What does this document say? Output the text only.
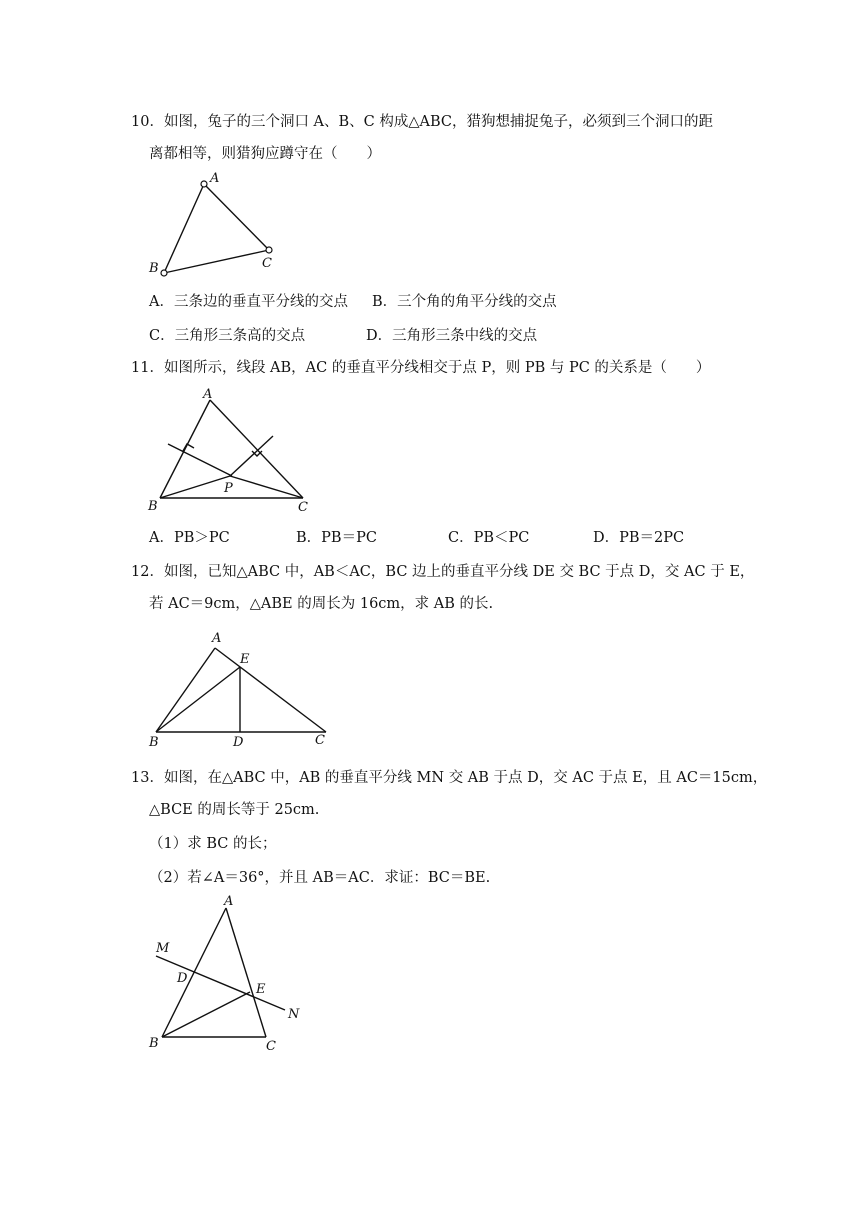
10．如图，兔子的三个洞口 A、B、C 构成△ABC，猎狗想捕捉兔子，必须到三个洞口的距
离都相等，则猎狗应蹲守在（　　）
A
B	C
A．三条边的垂直平分线的交点 B．三个角的角平分线的交点
C．三角形三条高的交点	D．三角形三条中线的交点
11．如图所示，线段 AB，AC 的垂直平分线相交于点 P，则 PB 与 PC 的关系是（　　）
A
B	C
P
A．PB＞PC	B．PB＝PC	C．PB＜PC	D．PB＝2PC
12．如图，已知△ABC 中，AB＜AC，BC 边上的垂直平分线 DE 交 BC 于点 D，交 AC 于 E，
若 AC＝9cm，△ABE 的周长为 16cm，求 AB 的长.
A
E
B	D	C
13．如图，在△ABC 中，AB 的垂直平分线 MN 交 AB 于点 D，交 AC 于点 E，且 AC＝15cm，
△BCE 的周长等于 25cm.
（1）求 BC 的长；
（2）若∠A＝36°，并且 AB＝AC．求证：BC＝BE.
A
M
D
E
N
B	C
